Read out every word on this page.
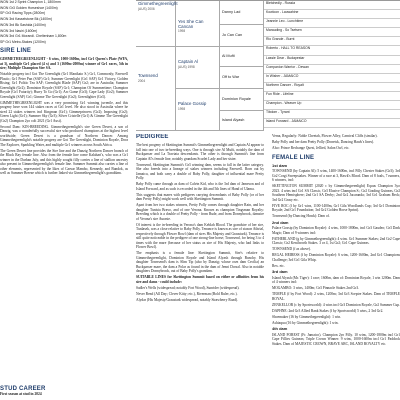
WON 1st 2 Sprint Champion 1, 1800mm
WON Gr3 Golden Horseshoe (1400m)
SP Gr3 Racing Tipps (2800m)
WON 3rd Kasselstone Bk (1400m)
WON 3rd Bk Sashida (1400m)
WON 3rd Nasiri (1600m)
WON 3rd Gr1 Morandi. Cheltenham 1,800m
SP Gr1 Metro-Stakes (1200m)
SIRE LINE
GIMMETHEGREENLIGHT - 6 wins, 1000-1600m, incl Gr1 Queen's Plate (WFA, at 3), multiple Gr1 placed (4 x) and 3 (1600m-2000m) winner of Gr1 races, 5th in sire; Multiple Champion Sire SA.
Notable progeny incl Got The Greenlight (Gr1 Manikato S.) Gr1, Commonly; Farewell Plastic; Gr1 Peter Pan (SAF) Gr1; Summer Greenlight (Gr1 SAF) Gr1 Victory; Golden Rising; Gr1 Politic Tea SAF; Greenlight Blade (SAF) Gr2; are in Australia; Summer Greenlight (Gr2); Dominion Royale (SAF) Gr1; Champion Of Summertime; Champion Royale (Gr1 Futurity); Hurry To Go (Gr1); Arc Game (Gr3); Cape Lady (Gr2); Summer Greenlight (SAF) Gr1; Gimme The Greenlight (Gr2); Greenlighter (Gr3).
GIMMETHEGREENLIGHT was a very promising Gr1 winning juvenile, and this progeny have won 144 stakes races at Gr1 level. He also stood in Australia where he sired 22 stakes winners incl Kingman (Gr1); Gimmeprincess (Gr2); Imposing (Gr2); Green Light (Gr1); Summer Sky (Gr3); Silver Cristelle (Gr1) & Gimme The Greenlight (Gr2) Champion 2yo colt 2021 (Gr1 Aust).
Second Dam: KIN-BREEDING. Gimmethegreenlight's sire Green Desert, a son of Danzig, was a wonderfully successful sire who produced champions at the highest level worldwide; Green Desert is a grandson of Northern Dancer. Among Gimmethegreenlight's notable progeny are Got The Greenlight, Dominion Royale, Dora The Explorer, Sparkling Water, and multiple Gr1 winners across South Africa.
The Green Desert line provides the Sire line and the Danzig Northern Dancer branch of the Black Ray female line. Also from the female line come Kalahari's, who was a Gr1 winner in the Durban July, and this highly sought filly carries a line of stallion ancestry also present in Gimmethegreenlight's female line. Summer Summit also carries a line of other elements, represented by the likes of Caesar Mambo, Kennedy, and Bundok, as well as Summer Breeze which is further linked via Gimmethegreenlight's granddam.
STUD CAREER
First season at stud in 2024
Gimmethegreenlight
(AUS) 2006
Townsend
2004
Yes She Can Cancan
1998
Captain Al
(AUS) 1998
Palace Gossip
1998
Danny Lad
Jo Can Can
Al Mufti
Off to War
Dominion Royale
Island Alyash
Bletchedly - Russia
Kowloon - Lauwahine
Jeannie Leo - Lunchtime
Marauding - So Tsetsen
Rio Grande - Burnt
Roberto - HALL TO REASON
Lassie Dear - Budapestar
Companion Warrior - Dewan
In Wisher - JAMAICO
Northern Dancer - Royalt
Fun Ride - Lifeline
Champion - Weaver Up
Tibdom - Tyrant
Island Forward - JAMAICO
PEDIGREE
The best progeny of Skettington Summit's Gimmethegreenlight and Captain Al appear to fall into one of two in-breeding ways. One is through sire Al Mufti, notably the dam of Buckpasser and La Traviata descendants. The other is through Summit's line from Captain Al's female line, notably grandam Scarlet Lady and her sister.
Townsend, Skettington Summit's Gr3 winning dam, seems to fall in the latter category. She also breeds into a lineage of stakes winners including Farewell. Born out by Jamaica, and both carry a double of Baby Polly, daughter of influential mare Pretty Polly.
Baby Polly came through as dam of Calvin Kid, who is the 3rd dam of Jameson and of Island Forward, and as such is recorded in the 4th and 5th lines of Hand of Ulama.
This suggests that mares with pedigrees carrying descendants of Baby Polly (or of her dam Pretty Polly) might work well with Skettington Summit.
Apart from her two stakes winners, Pretty Polly comes through daughter Rain, and her daughter Tunisia Bravo, and of one Verona. Known as champion Tingsman Royalty: Breeding which is a double of Pretty Polly - from Rude, and from Donnybrook, damsire of Verona's sire Auraste.
Of interest is the in-breeding in Verona's dam Keblah Blood. The grandsire of her sire, Tunlasek, was a close relative to Baby Polly. Tenance is known as sire of staxon Athrial, respectively through Flower Bowl (dam of sires His Majesty and Graustark). Tenance is still quite noticeable in the pedigree of one strong-line horse; Townsend, for being 3 to 4 times with the mare (because of her status as sire of His Majesty, who had links to Flower Bowl).
The emphasis is a female line: Skettington Summit, Sire's relative to Gimmethegreenlight, Dominion Royale and Island Alyash through Bunchy. His daughter Townsend's dam is Slim Tip (also by Danzig; whose own dam Cecilia) an Buckpasser mare, the dam a Polar as found in the dam of Jenni Dorsal. Also in notable daughters Donnybrook, out of Baby Polly's grandam.
SUITABLE LINES for Skettington Summit based on either or affinities from his sire and dams - could include:
Sadler's Wells (widespread; notably Fort Wood), Sunrider (widespread).
Never Bend (All Day; Clever Kitty; etc.), Riverman (Bold Ruler, etc.).
Alydar (His Majesty/Graustark widespread, notably Strawberry Road).
Verna, Regularly: Noble Cheetah, Flower Alley, Carnival Cliffs (similar).
Baby Polly and her dam Pretty Polly (Donetsk, Dancing Hawk's lines).
Also: Prince Rechange Quest, Jellied, Salon Owl, etc.
FEMALE LINE
1st dam
TOWNSEND (by Captain Al): 5 wins, 1400-1600m, incl Filly Chester Stakes (Gr3); 3rd Gr2 Corgi Sweepstakes. Winner of a race at 3, Hawk's Blood. Dam of 8 foals, 7 runners, 6 winners, incl:
SKETTINGTON SUMMIT (2020 c by Gimmethegreenlight) Equus Champion 3yo 2023. 4 wins incl Gr1 SA Classic, Gr3 Elusive Champion S.; Gr2 Grading Guineas, Gr2 Southern Hemisphere; 2nd Gr1 SA Derby; 2nd Gr2 Jacaranda; 3rd Gr1 Graham Beck; 3rd Gr2 Grasy etc.
FIVE ROC (f by Gr1 wins, 1100-1400m, Gr1 Gila Woodlands Cup; 3rd Gr1 Dominion Royale; 2nd Gr1 Foundation; 3rd Gr2 Golden Horse Sprint).
Townsend (by Dancing Hawk): Dam of.
2nd dam
Palace Gossip (by Dominion Royale): 4 wins, 1000-1800m, incl Gr3 Gaudeo; Gr3 Dark Magic; Dam of 9 winners incl:
FATHERLAND (g by Gimmethegreenlight): 4 wins. Gr1 Summer Stakes; 2nd Gr2 Cape Classic; Gr2 Kenilworth Stakes. 3 or 4, 1st Gr2; Gr1 Cape Guineas.
TOWNSEND (f as above).
REGAL HEIRESS (f by Dominion Royale): 6 wins, 1200-1600m, 2nd Gr1 Champions Challenge; 3rd Gr1 Gila Whip.
Rex. etc.
3rd dam
Island Alyash (Mr. Tiger): 1 race; 1600m, dam of: Dominion Royale, 1 win 1200m. Dam of 4 winners incl:
MOGAMBO: 3 wins, 1400m; Gr3 Pinnacle Stakes 2nd Gr3.
TEMPLE (f by Fort Wood): 2 wins, 1200m; 3rd Gr3 Sceptre Stakes. Dam of TEMPLE ROYAL.
ZENKELLOR (c by Sportsworld): 4 wins incl Gr3 Dominion Royale, Gr2 Summer Cup.
DAPHNE: 2nd Gr3 Allied Bank Stakes (f by Sportsworld) 5 wins, 2 3rd Gr2.
Shoemaker (16 by Gimmethegreenlight): 1 win.
Ashiaqua (16 by Gimmethegreenlight): 1 win.
4th dam
ISLAND FOREST (Fr. Jamaico). Champion 2yo Filly. 10 wins, 1200-1800m incl Gr1 Cape Fillies Guineas; Triple Crown Winner: 9 wins, 1000-1600m incl Gr1 Paddock Stakes. Dam of MAJESTIC CROWN, BRAVE ARC, ISLAND ROYALTY etc.
